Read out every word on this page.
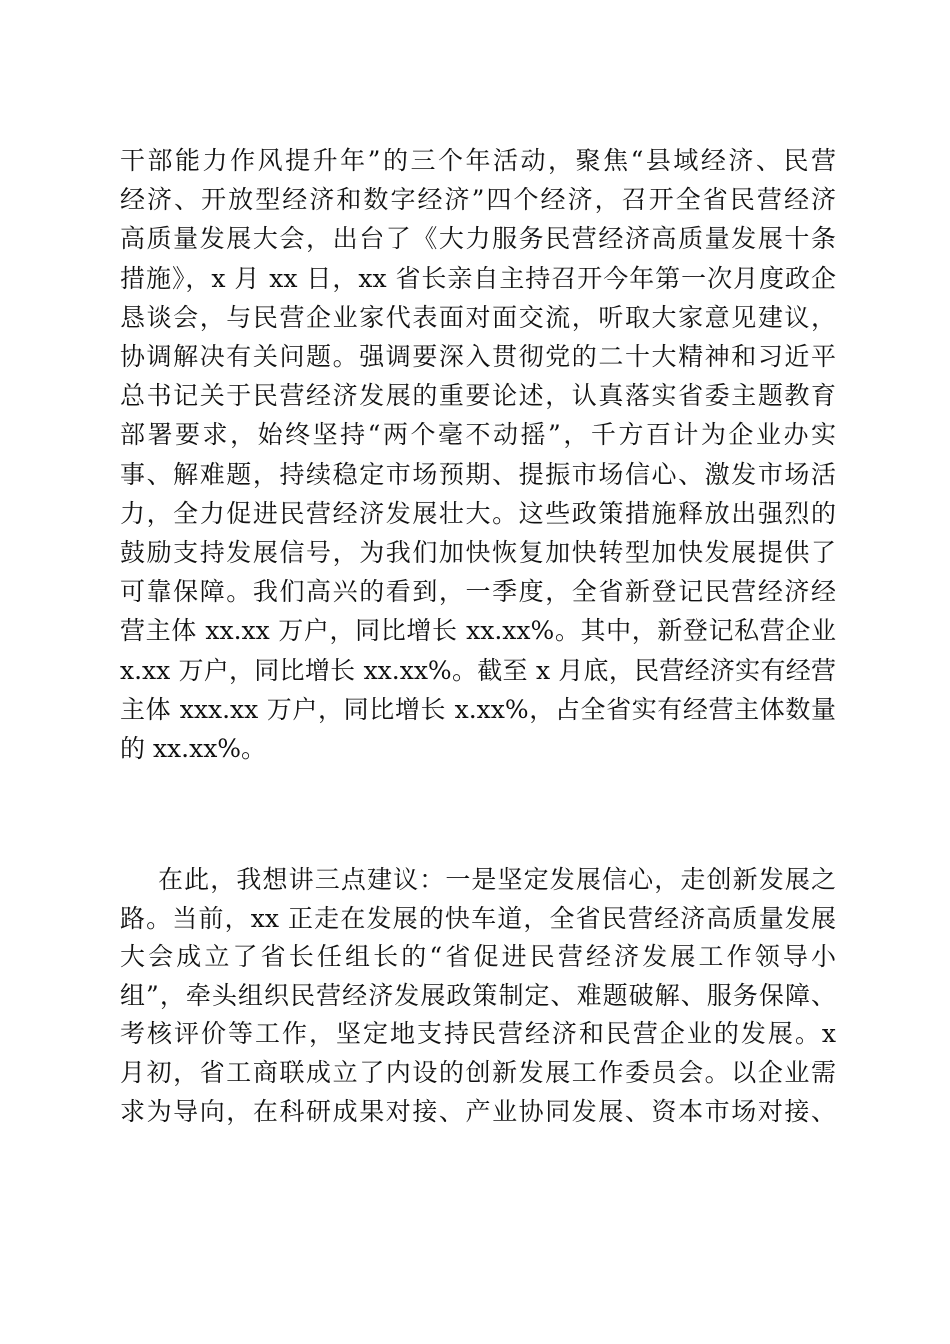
干部能力作风提升年”的三个年活动，聚焦“县域经济、民营
经济、开放型经济和数字经济”四个经济，召开全省民营经济
高质量发展大会，出台了《大力服务民营经济高质量发展十条
措施》，x 月 xx 日，xx 省长亲自主持召开今年第一次月度政企
恳谈会，与民营企业家代表面对面交流，听取大家意见建议，
协调解决有关问题。强调要深入贯彻党的二十大精神和习近平
总书记关于民营经济发展的重要论述，认真落实省委主题教育
部署要求，始终坚持“两个毫不动摇”，千方百计为企业办实
事、解难题，持续稳定市场预期、提振市场信心、激发市场活
力，全力促进民营经济发展壮大。这些政策措施释放出强烈的
鼓励支持发展信号，为我们加快恢复加快转型加快发展提供了
可靠保障。我们高兴的看到，一季度，全省新登记民营经济经
营主体 xx.xx 万户，同比增长 xx.xx%。其中，新登记私营企业
x.xx 万户，同比增长 xx.xx%。截至 x 月底，民营经济实有经营
主体 xxx.xx 万户，同比增长 x.xx%，占全省实有经营主体数量
的 xx.xx%。
在此，我想讲三点建议：一是坚定发展信心，走创新发展之
路。当前，xx 正走在发展的快车道，全省民营经济高质量发展
大会成立了省长任组长的“省促进民营经济发展工作领导小
组”，牵头组织民营经济发展政策制定、难题破解、服务保障、
考核评价等工作，坚定地支持民营经济和民营企业的发展。x
月初，省工商联成立了内设的创新发展工作委员会。以企业需
求为导向，在科研成果对接、产业协同发展、资本市场对接、
